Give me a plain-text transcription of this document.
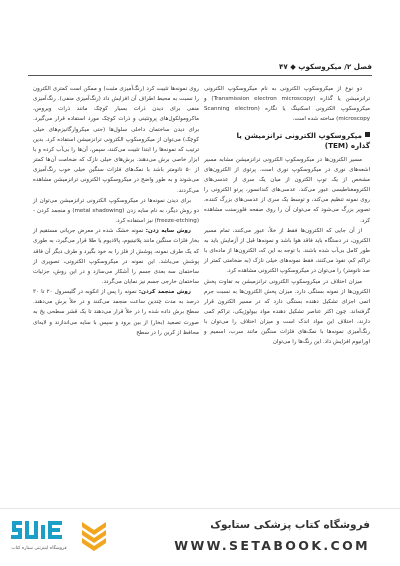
فصل ۲/ میکروسکوپ ◆ ۴۷

دو نوع از میکروسکوپ الکترونی به نام میکروسکوپ الکترونی ترانزمیشن یا گذاره (Transmission electron microscopy) و میکروسکوپ الکترونی اسکنینگ یا نگاره (Scanning electron microscopy) ساخته شده است.

میکروسکوپ الکترونی ترانزمیشن یا
گذاره (TEM)

مسیر الکترون‌ها در میکروسکوپ الکترونی ترانزمیشن مشابه مسیر اشعه‌های نوری در میکروسکوپ نوری است. پرتوی از الکترون‌های مشخص از یک توپ الکترون از میان یک سری از عدسی‌های الکترومغناطیسی عبور می‌کند. عدسی‌های کندانسور، پرتو الکترونی را روی نمونه تنظیم می‌کند، و توسط یک سری از عدسی‌های بزرگ کننده، تصویر بزرگ می‌شود که می‌توان آن را روی صفحه فلورسنت مشاهده کرد.

از آن جایی که الکترون‌ها فقط از خلأ، عبور می‌کنند، تمام مسیر الکترون، در دستگاه باید فاقد هوا باشد و نمونه‌ها قبل از آزمایش باید به طور کامل بی‌آب شده باشند. با توجه به این که، الکترون‌ها از ماده‌ای با تراکم کم، نفوذ می‌کنند، فقط نمونه‌های خیلی نازک (به ضخامتی کمتر از صد نانومتر) را می‌توان در میکروسکوپ الکترونی مشاهده کرد.

میزان اختلاف در میکروسکوپ الکترونی ترانزمیشن به تفاوت پخش الکترون‌ها از نمونه بستگی دارد. میزان پخش الکترون‌ها به نسبت جرم اتمی اجزای تشکیل دهنده بستگی دارد که در مسیر الکترون قرار گرفته‌اند. چون اکثر عناصر تشکیل دهنده مواد بیولوژیکی، تراکم کمی دارند، اختلاف این مواد اندک است و میزان اختلاف را می‌توان با رنگ‌آمیزی نمونه‌ها با نمک‌های فلزات سنگین مانند سرب، اسمیم و اورانیوم افزایش داد. این رنگ‌ها را می‌توان

روی نمونه‌ها تثبیت کرد (رنگ‌آمیزی مثبت) و ممکن است کمتری الکترون را نسبت به محیط اطراف آن افزایش داد (رنگ‌آمیزی منفی). رنگ‌آمیزی منفی برای دیدن ذرات بسیار کوچک مانند ذرات ویروس، ماکرومولکول‌های پروتئینی و ذرات کوچک مورد استفاده قرار می‌گیرد. برای دیدن ساختمان داخلی سلول‌ها (حتی میکروارگانیزم‌های خیلی کوچک) می‌توان از میکروسکوپ الکترونی ترانزمیشن استفاده کرد. بدین ترتیب که نمونه‌ها را ابتدا تثبیت می‌کنند، سپس، آن‌ها را بی‌آب کرده و با ابزار خاصی برش می‌دهند. برش‌های خیلی نازک که ضخامت آن‌ها کمتر از ۵۰ نانومتر باشد با نمک‌های فلزات سنگین خیلی خوب رنگ‌آمیزی می‌شوند و به طور واضح در میکروسکوپ الکترونی ترانزمیشن مشاهده می‌کردند.

برای دیدن نمونه‌ها در میکروسکوپ الکترونی ترانزمیشن می‌توان از دو روش دیگر، به نام سایه زدن (metal shadowing) و منجمد کردن - (freeze-etching) نیز استفاده کرد.

روش سایه زدن: نمونه خشک شده در معرض جریانی مستقیم از بخار فلزات سنگین مانند پلاتینیوم، پالادیوم یا طلا قرار می‌گیرد، به طوری که یک طرف نمونه، پوشش از فلز را به خود بگیرد و طرف دیگر آن فاقد پوشش می‌باشد. این نمونه در میکروسکوپ الکترونی، تصویری از ساختمان سه بعدی جسم را آشکار می‌سازد و در این روش، جزئیات ساختمان خارجی جسم نیز نمایان می‌گردد.

روش منجمد کردن: نمونه را پس از انکوبه در گلیسرول ۲۰ تا ۳۰ درصد به مدت چندین ساعت منجمد می‌کنند و در خلأ برش می‌دهند. سطح برش داده شده را در خلأ قرار می‌دهند تا یک قشر سطحی یخ به صورت تصعید (بخار) از بین برود و سپس با سایه می‌اندازند و لایه‌ای محافظ از کربن را در سطح

فروشگاه اینترنتی ستاره کتاب
فروشگاه کتاب پزشکی ستابوک
WWW.SETABOOK.COM
